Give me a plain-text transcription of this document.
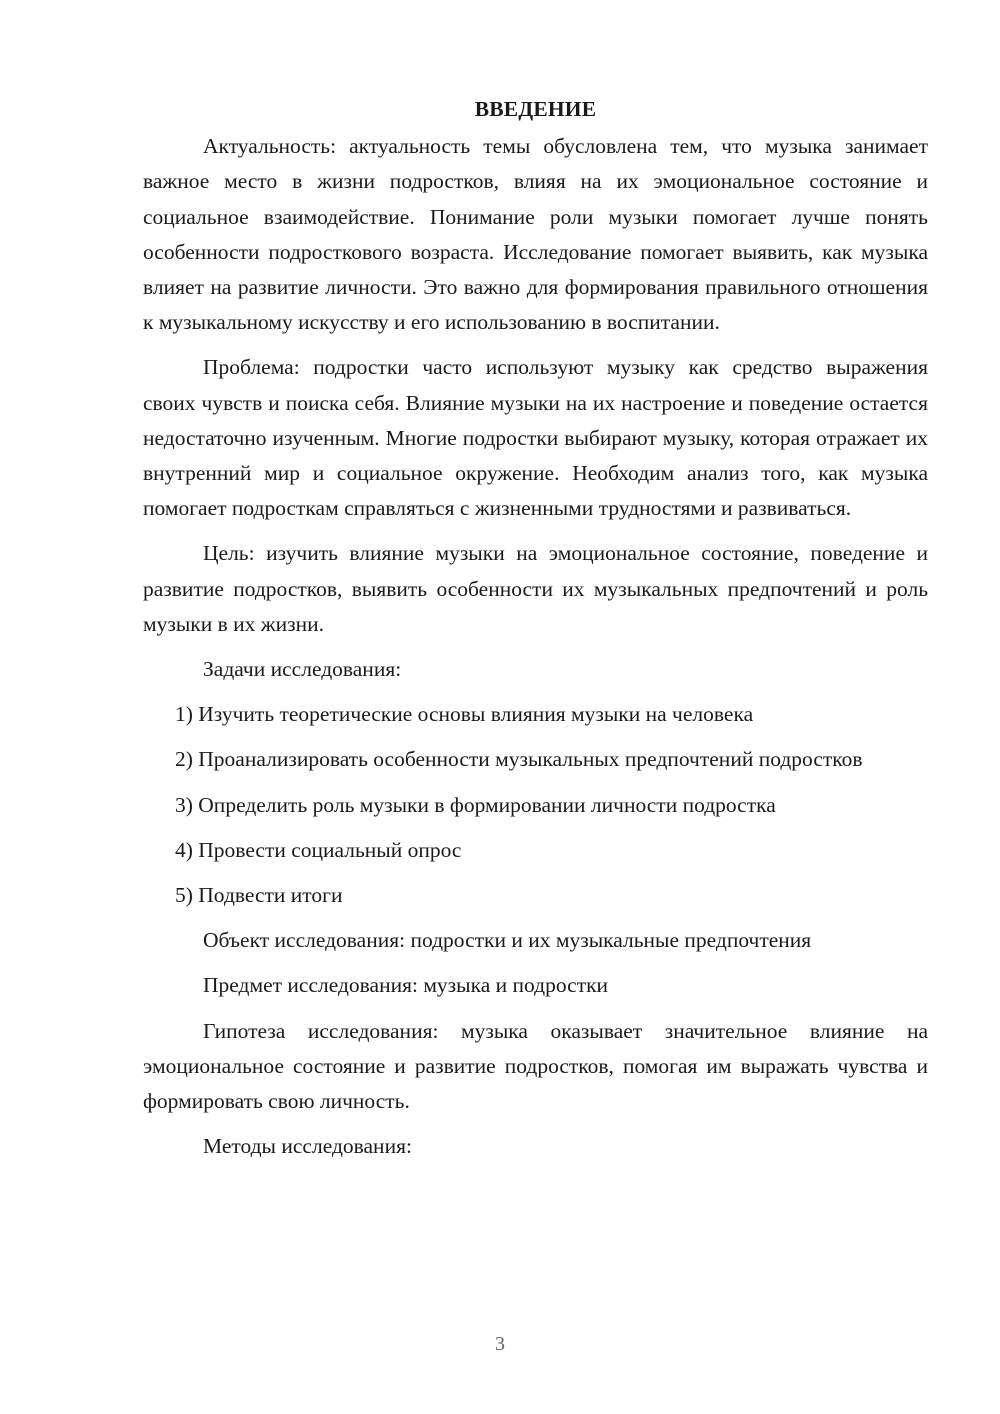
ВВЕДЕНИЕ

Актуальность: актуальность темы обусловлена тем, что музыка занимает важное место в жизни подростков, влияя на их эмоциональное состояние и социальное взаимодействие. Понимание роли музыки помогает лучше понять особенности подросткового возраста. Исследование помогает выявить, как музыка влияет на развитие личности. Это важно для формирования правильного отношения к музыкальному искусству и его использованию в воспитании.

Проблема: подростки часто используют музыку как средство выражения своих чувств и поиска себя. Влияние музыки на их настроение и поведение остается недостаточно изученным. Многие подростки выбирают музыку, которая отражает их внутренний мир и социальное окружение. Необходим анализ того, как музыка помогает подросткам справляться с жизненными трудностями и развиваться.

Цель: изучить влияние музыки на эмоциональное состояние, поведение и развитие подростков, выявить особенности их музыкальных предпочтений и роль музыки в их жизни.

Задачи исследования:

1) Изучить теоретические основы влияния музыки на человека

2) Проанализировать особенности музыкальных предпочтений подростков

3) Определить роль музыки в формировании личности подростка

4) Провести социальный опрос

5) Подвести итоги

Объект исследования: подростки и их музыкальные предпочтения

Предмет исследования: музыка и подростки

Гипотеза исследования: музыка оказывает значительное влияние на эмоциональное состояние и развитие подростков, помогая им выражать чувства и формировать свою личность.

Методы исследования:

3
